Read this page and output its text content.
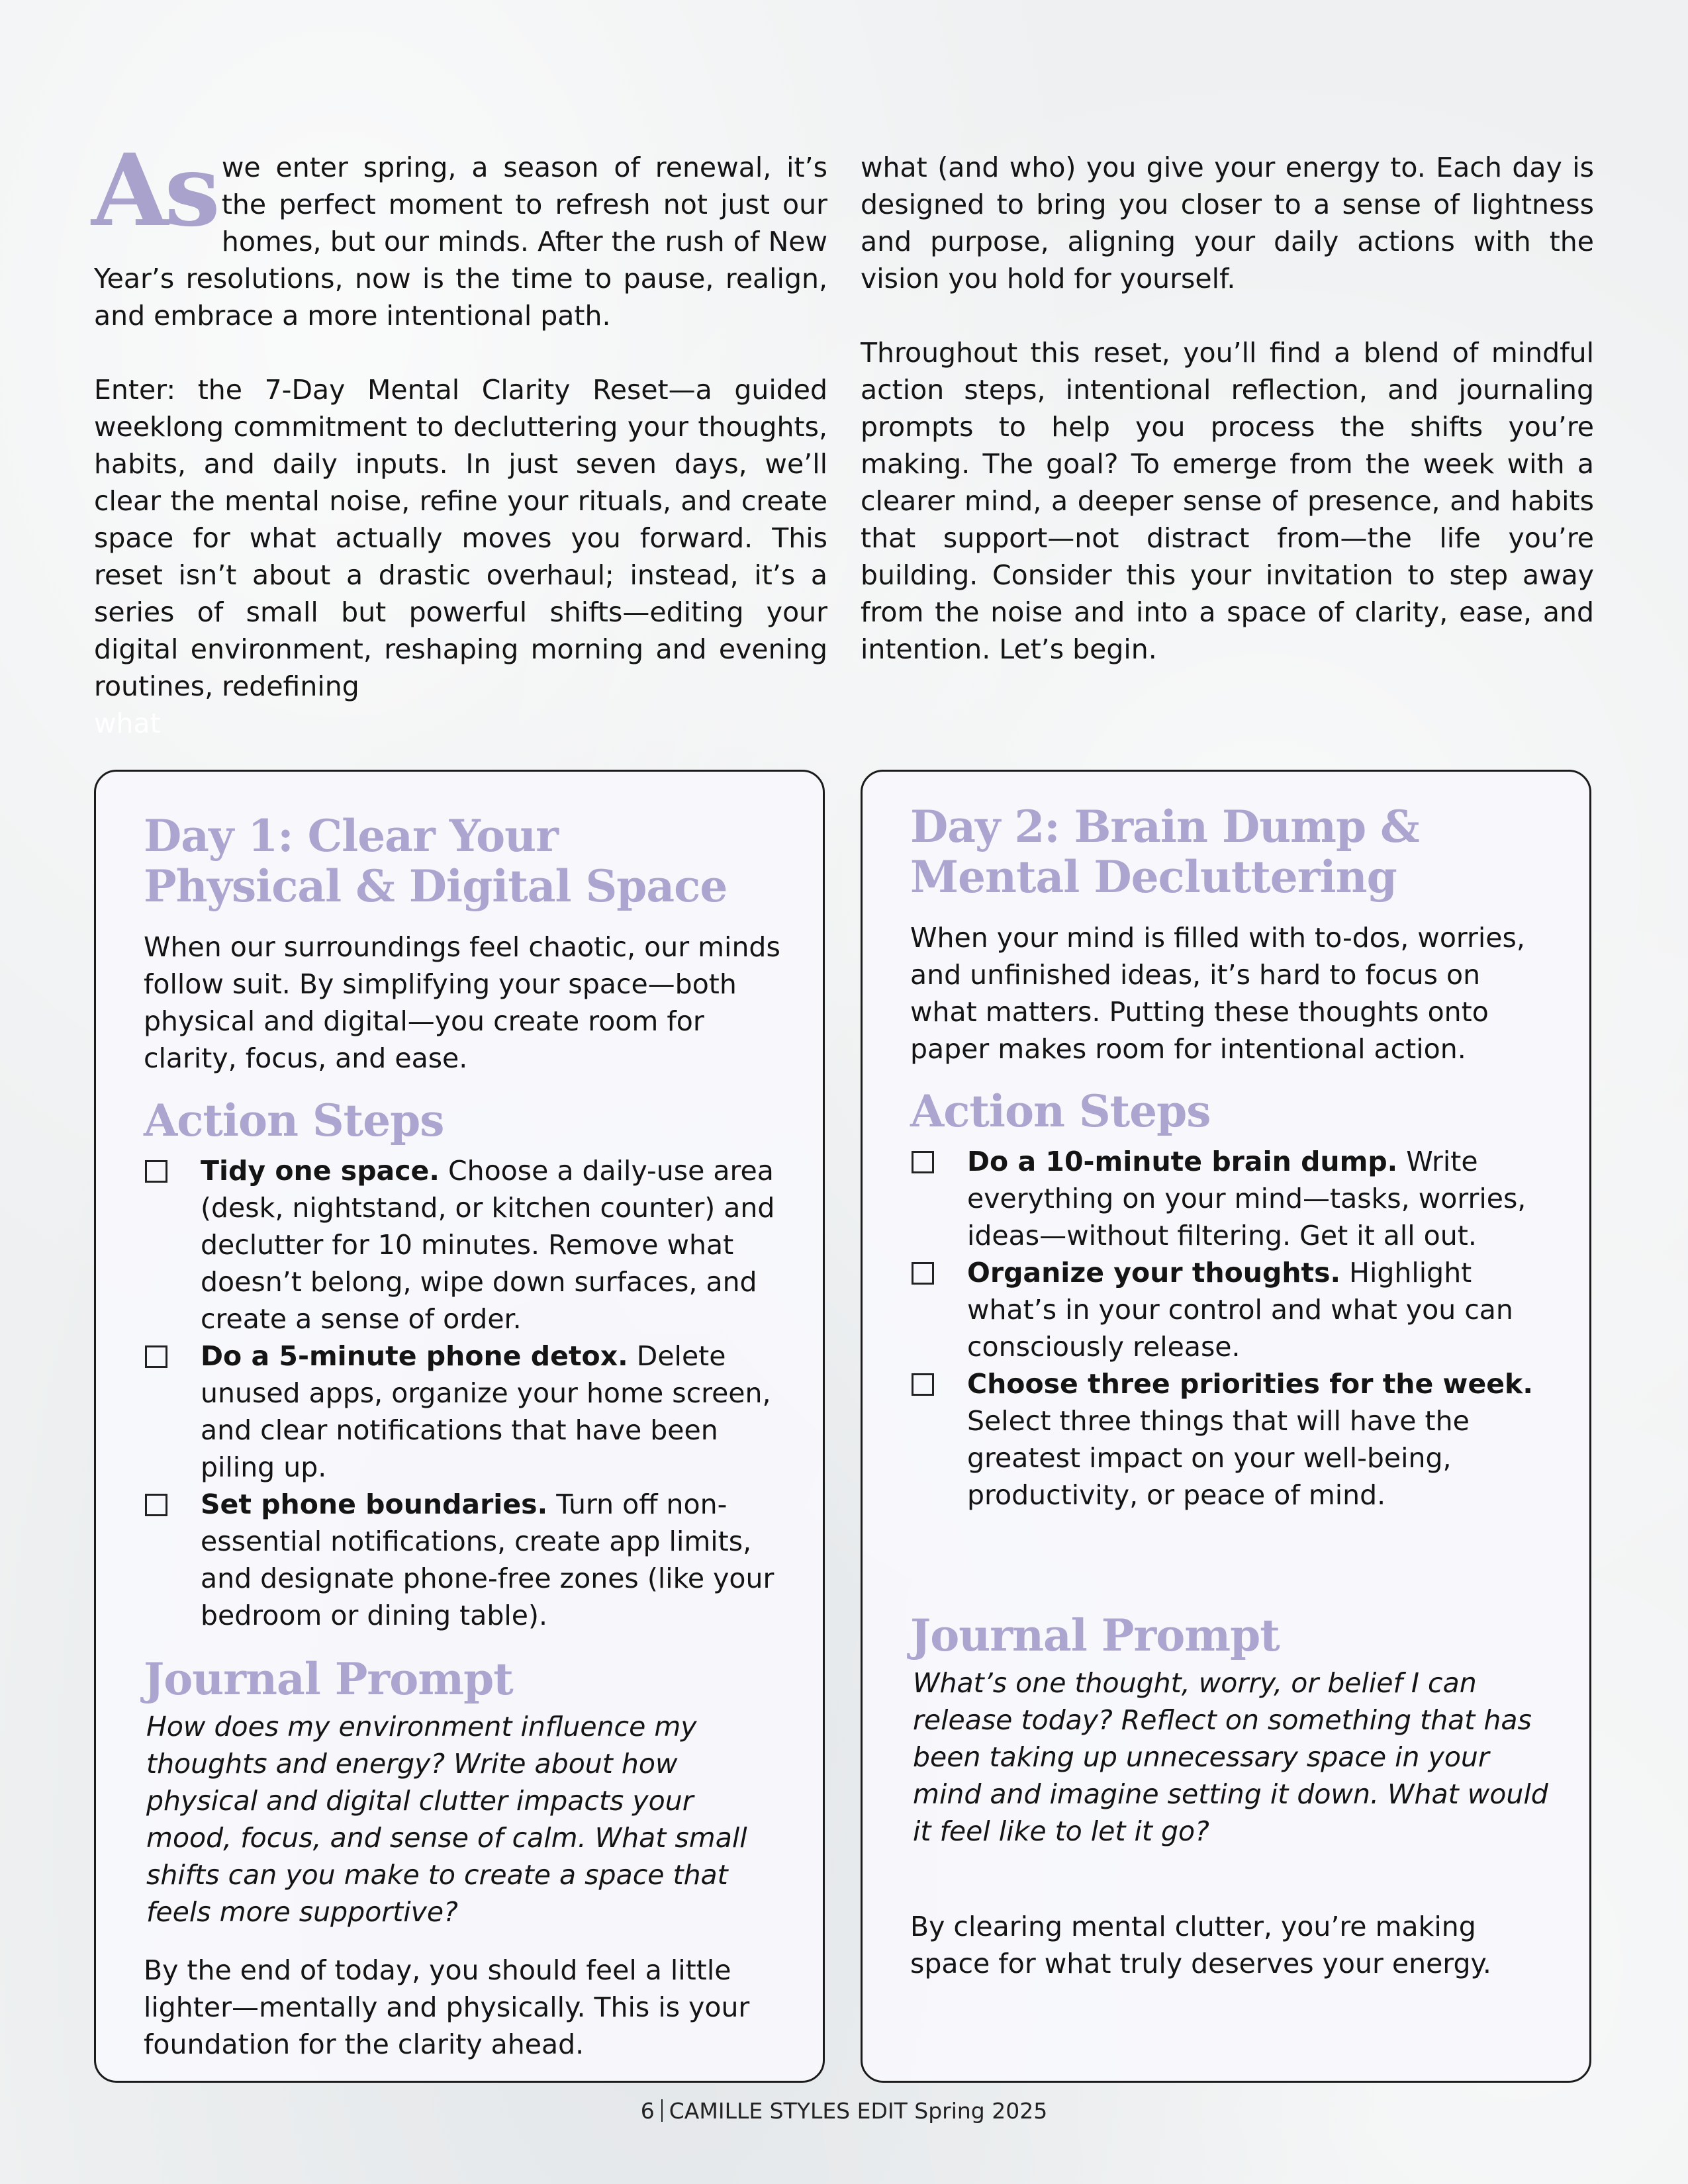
As we enter spring, a season of renewal, it’s the perfect moment to refresh not just our homes, but our minds. After the rush of New Year’s resolutions, now is the time to pause, realign, and embrace a more intentional path.

Enter: the 7-Day Mental Clarity Reset—a guided weeklong commitment to decluttering your thoughts, habits, and daily inputs. In just seven days, we’ll clear the mental noise, refine your rituals, and create space for what actually moves you forward. This reset isn’t about a drastic overhaul; instead, it’s a series of small but powerful shifts—editing your digital environment, reshaping morning and evening routines, redefining
what

what (and who) you give your energy to. Each day is designed to bring you closer to a sense of lightness and purpose, aligning your daily actions with the vision you hold for yourself.

Throughout this reset, you’ll find a blend of mindful action steps, intentional reflection, and journaling prompts to help you process the shifts you’re making. The goal? To emerge from the week with a clearer mind, a deeper sense of presence, and habits that support—not distract from—the life you’re building. Consider this your invitation to step away from the noise and into a space of clarity, ease, and intention. Let’s begin.

Day 1: Clear Your Physical & Digital Space

When our surroundings feel chaotic, our minds follow suit. By simplifying your space—both physical and digital—you create room for clarity, focus, and ease.

Action Steps
Tidy one space. Choose a daily-use area (desk, nightstand, or kitchen counter) and declutter for 10 minutes. Remove what doesn’t belong, wipe down surfaces, and create a sense of order.
Do a 5-minute phone detox. Delete unused apps, organize your home screen, and clear notifications that have been piling up.
Set phone boundaries. Turn off non-essential notifications, create app limits, and designate phone-free zones (like your bedroom or dining table).
Journal Prompt

How does my environment influence my thoughts and energy? Write about how physical and digital clutter impacts your mood, focus, and sense of calm. What small shifts can you make to create a space that feels more supportive?

By the end of today, you should feel a little lighter—mentally and physically. This is your foundation for the clarity ahead.

Day 2: Brain Dump & Mental Decluttering

When your mind is filled with to-dos, worries, and unfinished ideas, it’s hard to focus on what matters. Putting these thoughts onto paper makes room for intentional action.

Action Steps
Do a 10-minute brain dump. Write everything on your mind—tasks, worries, ideas—without filtering. Get it all out.
Organize your thoughts. Highlight what’s in your control and what you can consciously release.
Choose three priorities for the week. Select three things that will have the greatest impact on your well-being, productivity, or peace of mind.
Journal Prompt

What’s one thought, worry, or belief I can release today? Reflect on something that has been taking up unnecessary space in your mind and imagine setting it down. What would it feel like to let it go?

By clearing mental clutter, you’re making space for what truly deserves your energy.

6 CAMILLE STYLES EDIT Spring 2025
